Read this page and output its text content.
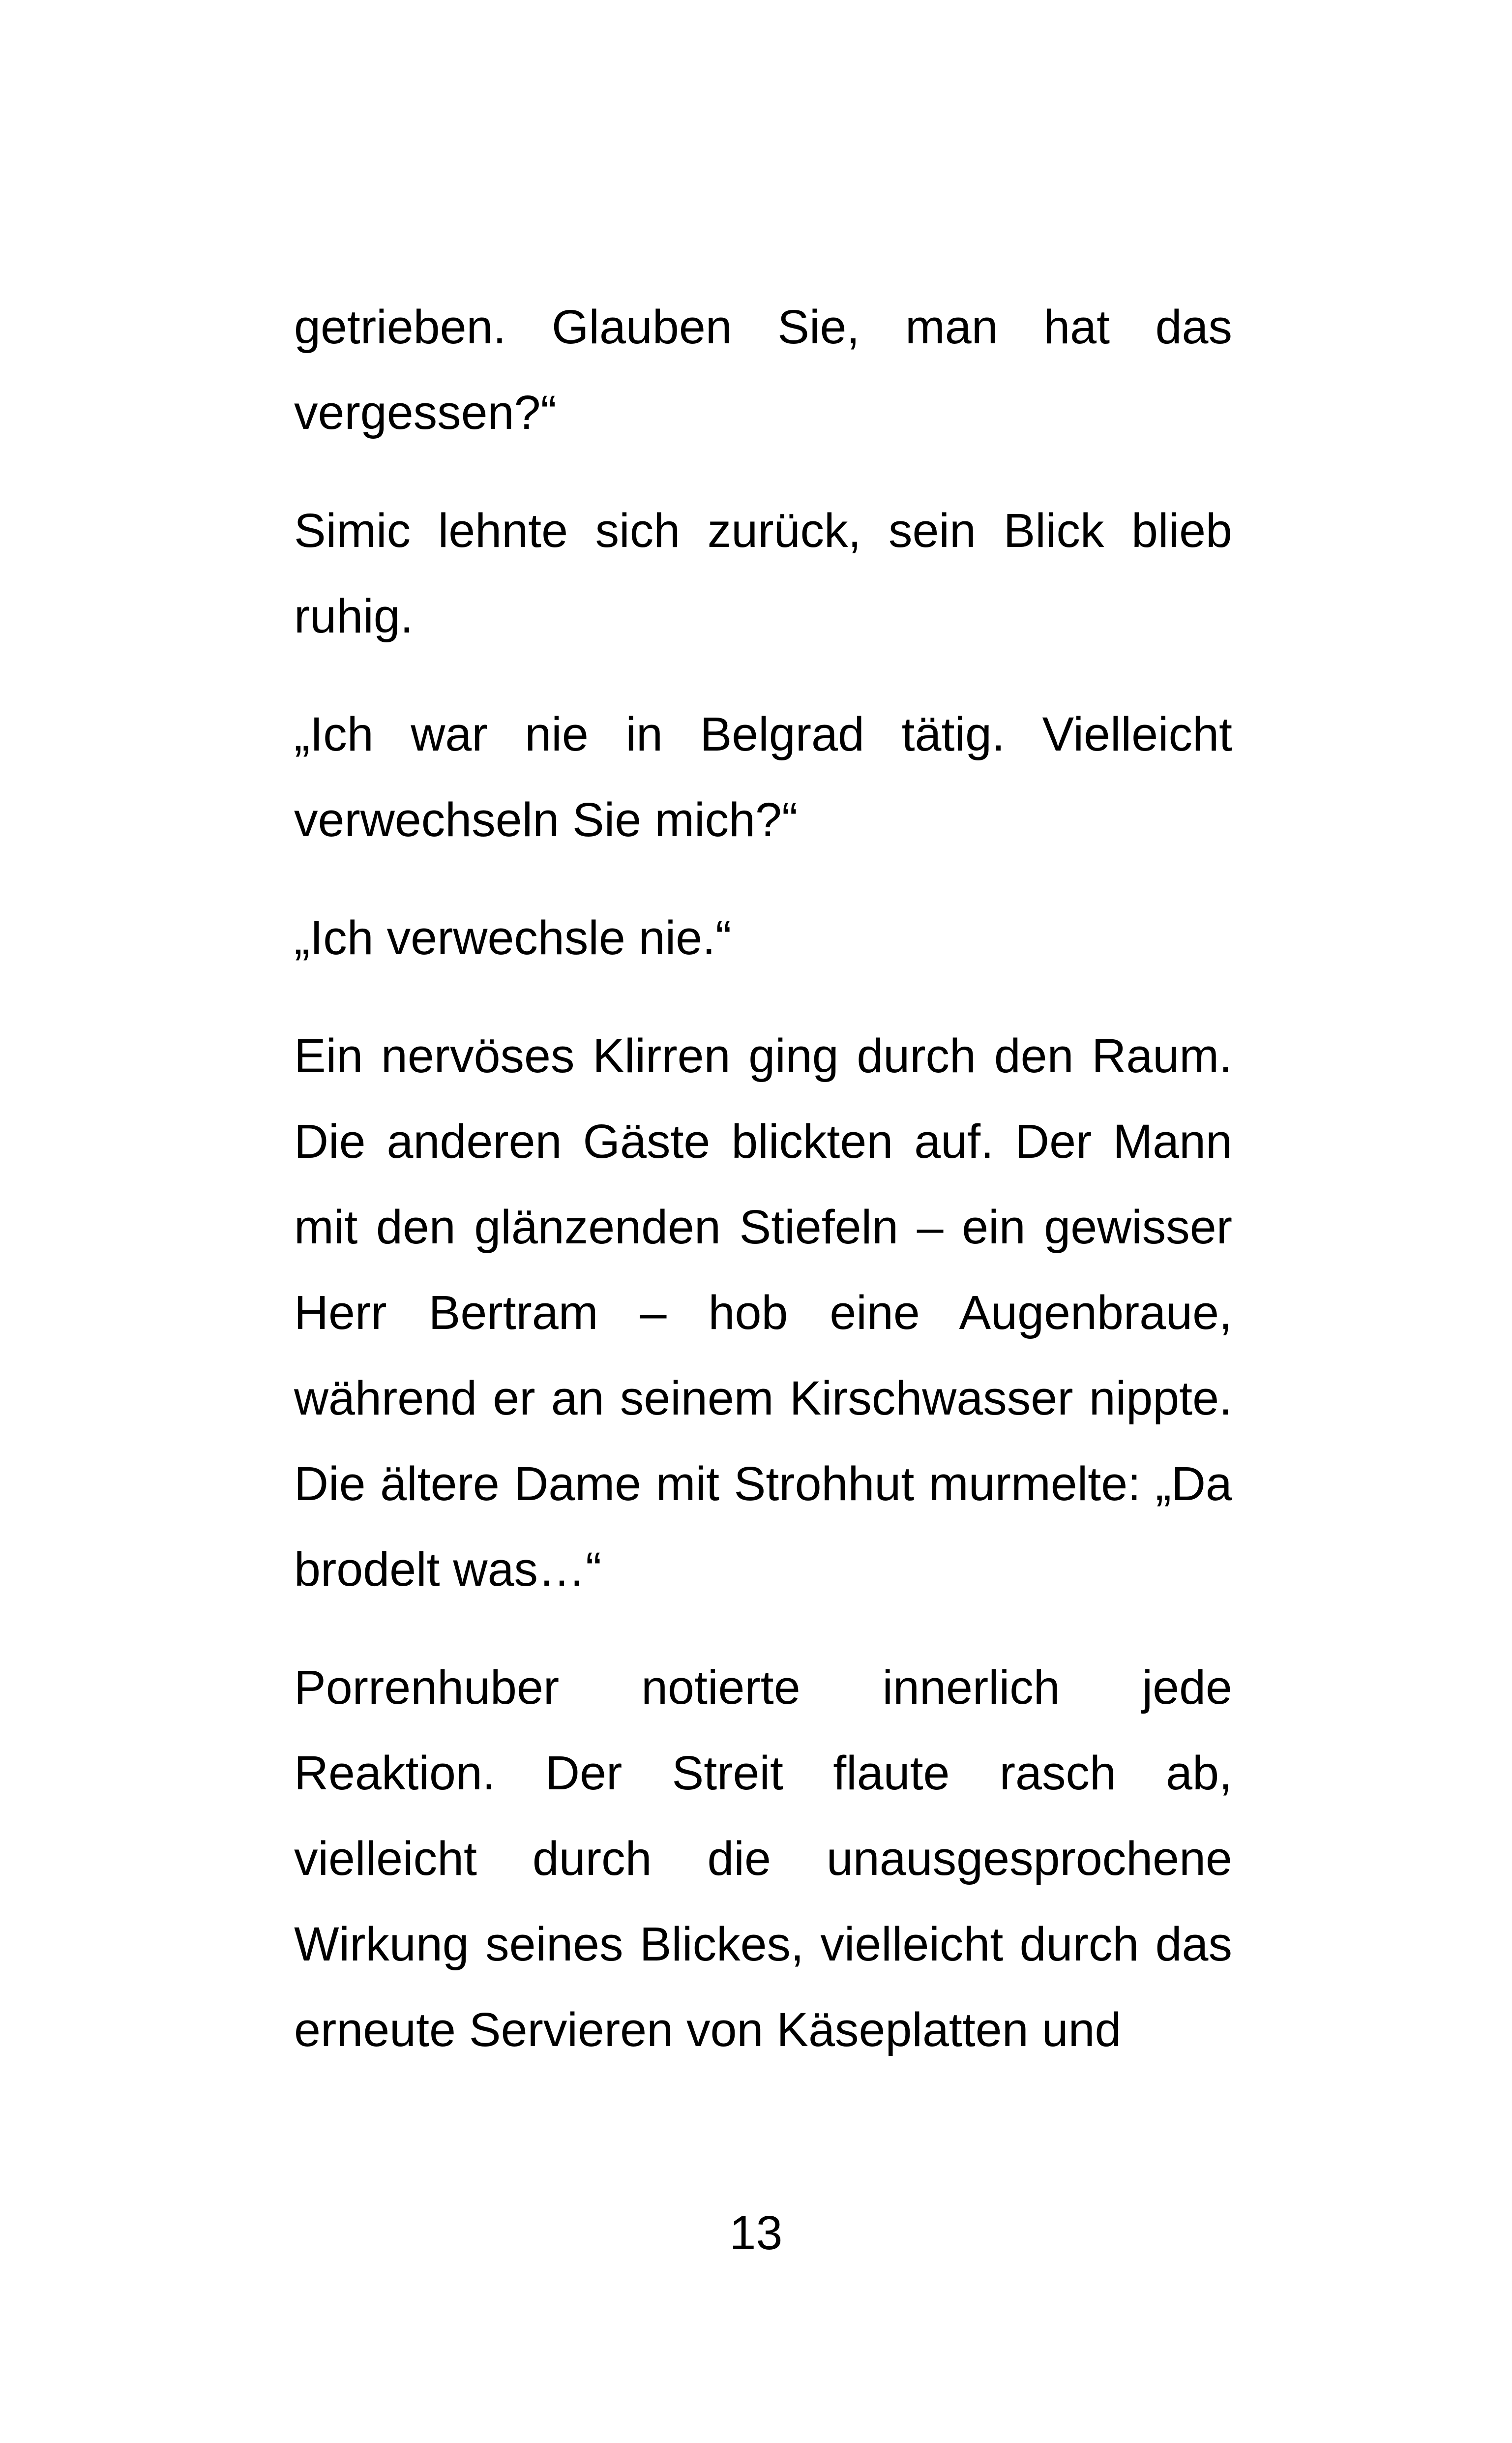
getrieben. Glauben Sie, man hat das vergessen?“

Simic lehnte sich zurück, sein Blick blieb ruhig.

„Ich war nie in Belgrad tätig. Vielleicht verwechseln Sie mich?“

„Ich verwechsle nie.“

Ein nervöses Klirren ging durch den Raum. Die anderen Gäste blickten auf. Der Mann mit den glänzenden Stiefeln – ein gewisser Herr Bertram – hob eine Augenbraue, während er an seinem Kirschwasser nippte. Die ältere Dame mit Strohhut murmelte: „Da brodelt was…“

Porrenhuber notierte innerlich jede Reaktion. Der Streit flaute rasch ab, vielleicht durch die unausgesprochene Wirkung seines Blickes, vielleicht durch das erneute Servieren von Käseplatten und

13
